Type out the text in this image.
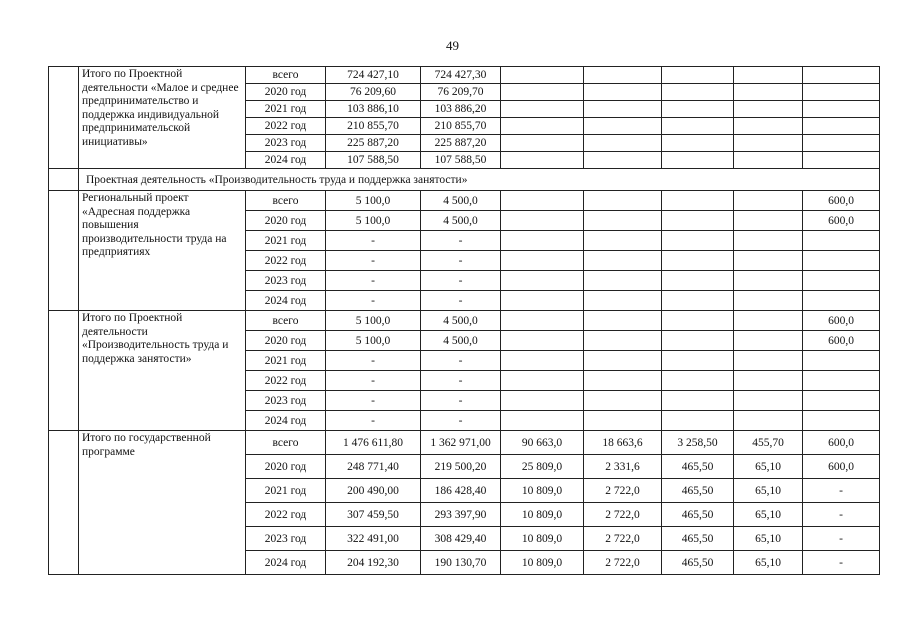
49
	Итого по Проектной деятельности «Малое и среднее предпринимательство и поддержка индивидуальной предпринимательской инициативы»	всего	724 427,10	724 427,30					
		2020 год	76 209,60	76 209,70					
		2021 год	103 886,10	103 886,20					
		2022 год	210 855,70	210 855,70					
		2023 год	225 887,20	225 887,20					
		2024 год	107 588,50	107 588,50					
	Проектная деятельность «Производительность труда и поддержка занятости»								
	Региональный проект «Адресная поддержка повышения производительности труда на предприятиях	всего	5 100,0	4 500,0					600,0
		2020 год	5 100,0	4 500,0					600,0
		2021 год	-	-					
		2022 год	-	-					
		2023 год	-	-					
		2024 год	-	-					
	Итого по Проектной деятельности «Производительность труда и поддержка занятости»	всего	5 100,0	4 500,0					600,0
		2020 год	5 100,0	4 500,0					600,0
		2021 год	-	-					
		2022 год	-	-					
		2023 год	-	-					
		2024 год	-	-					
	Итого по государственной программе	всего	1 476 611,80	1 362 971,00	90 663,0	18 663,6	3 258,50	455,70	600,0
		2020 год	248 771,40	219 500,20	25 809,0	2 331,6	465,50	65,10	600,0
		2021 год	200 490,00	186 428,40	10 809,0	2 722,0	465,50	65,10	-
		2022 год	307 459,50	293 397,90	10 809,0	2 722,0	465,50	65,10	-
		2023 год	322 491,00	308 429,40	10 809,0	2 722,0	465,50	65,10	-
		2024 год	204 192,30	190 130,70	10 809,0	2 722,0	465,50	65,10	-
